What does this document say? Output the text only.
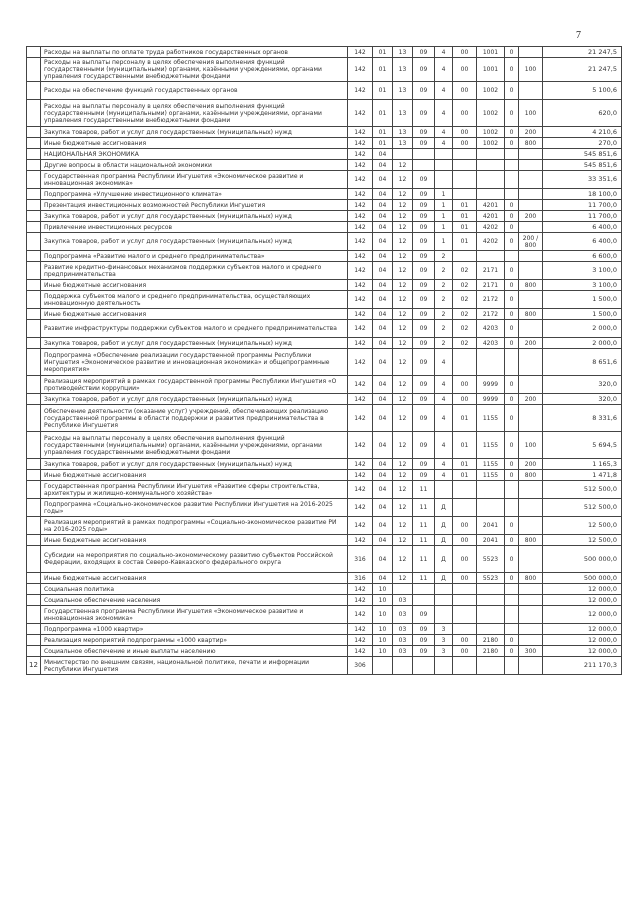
7
	Расходы на выплаты по оплате труда работников государственных органов	142	01	13	09	4	00	1001	0		21 247,5
	Расходы на выплаты персоналу в целях обеспечения выполнения функций государственными (муниципальными) органами, казёнными учреждениями, органами управления государственными внебюджетными фондами	142	01	13	09	4	00	1001	0	100	21 247,5
	Расходы на обеспечение функций государственных органов	142	01	13	09	4	00	1002	0		5 100,6
	Расходы на выплаты персоналу в целях обеспечения выполнения функций государственными (муниципальными) органами, казёнными учреждениями, органами управления государственными внебюджетными фондами	142	01	13	09	4	00	1002	0	100	620,0
	Закупка товаров, работ и услуг для государственных (муниципальных) нужд	142	01	13	09	4	00	1002	0	200	4 210,6
	Иные бюджетные ассигнования	142	01	13	09	4	00	1002	0	800	270,0
	НАЦИОНАЛЬНАЯ ЭКОНОМИКА	142	04								545 851,6
	Другие вопросы в области национальной экономики	142	04	12							545 851,6
	Государственная программа Республики Ингушетия «Экономическое развитие и инновационная экономика»	142	04	12	09						33 351,6
	Подпрограмма «Улучшение инвестиционного климата»	142	04	12	09	1					18 100,0
	Презентация инвестиционных возможностей Республики Ингушетия	142	04	12	09	1	01	4201	0		11 700,0
	Закупка товаров, работ и услуг для государственных (муниципальных) нужд	142	04	12	09	1	01	4201	0	200	11 700,0
	Привлечение инвестиционных ресурсов	142	04	12	09	1	01	4202	0		6 400,0
	Закупка товаров, работ и услуг для государственных (муниципальных) нужд	142	04	12	09	1	01	4202	0	200 / 800	6 400,0
	Подпрограмма «Развитие малого и среднего предпринимательства»	142	04	12	09	2					6 600,0
	Развитие кредитно-финансовых механизмов поддержки субъектов малого и среднего предпринимательства	142	04	12	09	2	02	2171	0		3 100,0
	Иные бюджетные ассигнования	142	04	12	09	2	02	2171	0	800	3 100,0
	Поддержка субъектов малого и среднего предпринимательства, осуществляющих инновационную деятельность	142	04	12	09	2	02	2172	0		1 500,0
	Иные бюджетные ассигнования	142	04	12	09	2	02	2172	0	800	1 500,0
	Развитие инфраструктуры поддержки субъектов малого и среднего предпринимательства	142	04	12	09	2	02	4203	0		2 000,0
	Закупка товаров, работ и услуг для государственных (муниципальных) нужд	142	04	12	09	2	02	4203	0	200	2 000,0
	Подпрограмма «Обеспечение реализации государственной программы Республики Ингушетия «Экономическое развитие и инновационная экономика» и общепрограммные мероприятия»	142	04	12	09	4					8 651,6
	Реализация мероприятий в рамках государственной программы Республики Ингушетия «О противодействии коррупции»	142	04	12	09	4	00	9999	0		320,0
	Закупка товаров, работ и услуг для государственных (муниципальных) нужд	142	04	12	09	4	00	9999	0	200	320,0
	Обеспечение деятельности (оказание услуг) учреждений, обеспечивающих реализацию государственной программы в области поддержки и развития предпринимательства в Республике Ингушетия	142	04	12	09	4	01	1155	0		8 331,6
	Расходы на выплаты персоналу в целях обеспечения выполнения функций государственными (муниципальными) органами, казёнными учреждениями, органами управления государственными внебюджетными фондами	142	04	12	09	4	01	1155	0	100	5 694,5
	Закупка товаров, работ и услуг для государственных (муниципальных) нужд	142	04	12	09	4	01	1155	0	200	1 165,3
	Иные бюджетные ассигнования	142	04	12	09	4	01	1155	0	800	1 471,8
	Государственная программа Республики Ингушетия «Развитие сферы строительства, архитектуры и жилищно-коммунального хозяйства»	142	04	12	11						512 500,0
	Подпрограмма «Социально-экономическое развитие Республики Ингушетия на 2016-2025 годы»	142	04	12	11	Д					512 500,0
	Реализация мероприятий в рамках подпрограммы «Социально-экономическое развитие РИ на 2016-2025 годы»	142	04	12	11	Д	00	2041	0		12 500,0
	Иные бюджетные ассигнования	142	04	12	11	Д	00	2041	0	800	12 500,0
	Субсидии на мероприятия по социально-экономическому развитию субъектов Российской Федерации, входящих в состав Северо-Кавказского федерального округа	316	04	12	11	Д	00	5523	0		500 000,0
	Иные бюджетные ассигнования	316	04	12	11	Д	00	5523	0	800	500 000,0
	Социальная политика	142	10								12 000,0
	Социальное обеспечение населения	142	10	03							12 000,0
	Государственная программа Республики Ингушетия «Экономическое развитие и инновационная экономика»	142	10	03	09						12 000,0
	Подпрограмма «1000 квартир»	142	10	03	09	3					12 000,0
	Реализация мероприятий подпрограммы «1000 квартир»	142	10	03	09	3	00	2180	0		12 000,0
	Социальное обеспечение и иные выплаты населению	142	10	03	09	3	00	2180	0	300	12 000,0
12	Министерство по внешним связям, национальной политике, печати и информации Республики Ингушетия	306									211 170,3
